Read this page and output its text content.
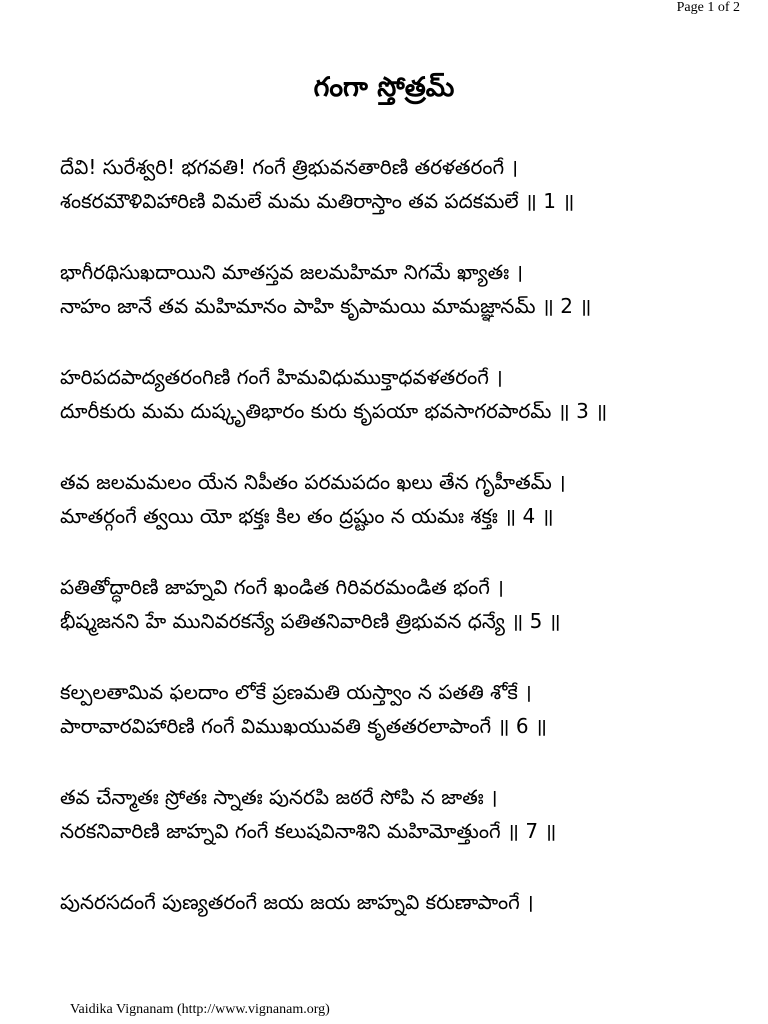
Page 1 of 2
గంగా స్తోత్రమ్
దేవి! సురేశ్వరి! భగవతి! గంగే త్రిభువనతారిణి తరళతరంగే ।
శంకరమౌళివిహారిణి విమలే మమ మతిరాస్తాం తవ పదకమలే ॥ 1 ॥
భాగీరథిసుఖదాయిని మాతస్తవ జలమహిమా నిగమే ఖ్యాతః ।
నాహం జానే తవ మహిమానం పాహి కృపామయి మామజ్ఞానమ్ ॥ 2 ॥
హరిపదపాద్యతరంగిణి గంగే హిమవిధుముక్తాధవళతరంగే ।
దూరీకురు మమ దుష్కృతిభారం కురు కృపయా భవసాగరపారమ్ ॥ 3 ॥
తవ జలమమలం యేన నిపీతం పరమపదం ఖలు తేన గృహీతమ్ ।
మాతర్గంగే త్వయి యో భక్తః కిల తం ద్రష్టుం న యమః శక్తః ॥ 4 ॥
పతితోద్ధారిణి జాహ్నవి గంగే ఖండిత గిరివరమండిత భంగే ।
భీష్మజనని హే మునివరకన్యే పతితనివారిణి త్రిభువన ధన్యే ॥ 5 ॥
కల్పలతామివ ఫలదాం లోకే ప్రణమతి యస్త్వాం న పతతి శోకే ।
పారావారవిహారిణి గంగే విముఖయువతి కృతతరలాపాంగే ॥ 6 ॥
తవ చేన్మాతః స్రోతః స్నాతః పునరపి జఠరే సోపి న జాతః ।
నరకనివారిణి జాహ్నవి గంగే కలుషవినాశిని మహిమోత్తుంగే ॥ 7 ॥
పునరసదంగే పుణ్యతరంగే జయ జయ జాహ్నవి కరుణాపాంగే ।
Vaidika Vignanam (http://www.vignanam.org)
